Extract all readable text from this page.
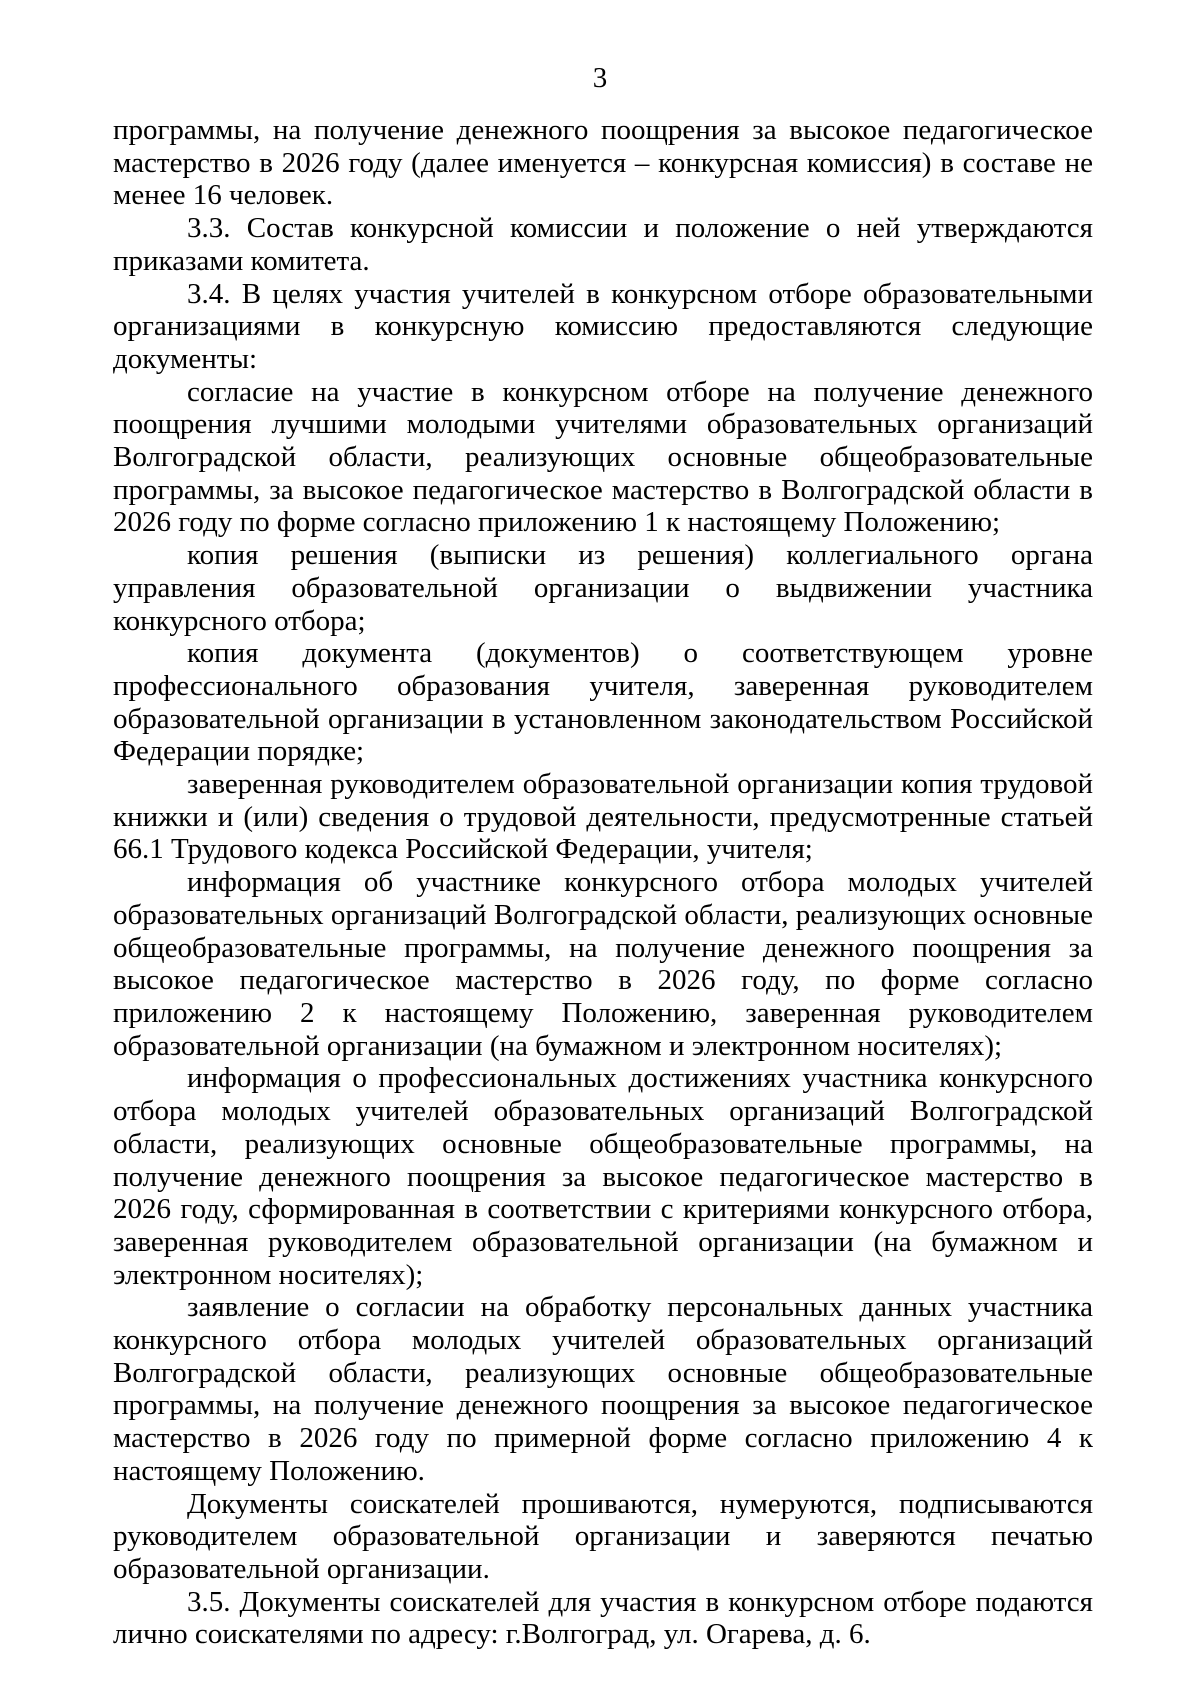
3

программы, на получение денежного поощрения за высокое педагогическое мастерство в 2026 году (далее именуется – конкурсная комиссия) в составе не менее 16 человек.

3.3. Состав конкурсной комиссии и положение о ней утверждаются приказами комитета.

3.4. В целях участия учителей в конкурсном отборе образовательными организациями в конкурсную комиссию предоставляются следующие документы:

согласие на участие в конкурсном отборе на получение денежного поощрения лучшими молодыми учителями образовательных организаций Волгоградской области, реализующих основные общеобразовательные программы, за высокое педагогическое мастерство в Волгоградской области в 2026 году по форме согласно приложению 1 к настоящему Положению;

копия решения (выписки из решения) коллегиального органа управления образовательной организации о выдвижении участника конкурсного отбора;

копия документа (документов) о соответствующем уровне профессионального образования учителя, заверенная руководителем образовательной организации в установленном законодательством Российской Федерации порядке;

заверенная руководителем образовательной организации копия трудовой книжки и (или) сведения о трудовой деятельности, предусмотренные статьей 66.1 Трудового кодекса Российской Федерации, учителя;

информация об участнике конкурсного отбора молодых учителей образовательных организаций Волгоградской области, реализующих основные общеобразовательные программы, на получение денежного поощрения за высокое педагогическое мастерство в 2026 году, по форме согласно приложению 2 к настоящему Положению, заверенная руководителем образовательной организации (на бумажном и электронном носителях);

информация о профессиональных достижениях участника конкурсного отбора молодых учителей образовательных организаций Волгоградской области, реализующих основные общеобразовательные программы, на получение денежного поощрения за высокое педагогическое мастерство в 2026 году, сформированная в соответствии с критериями конкурсного отбора, заверенная руководителем образовательной организации (на бумажном и электронном носителях);

заявление о согласии на обработку персональных данных участника конкурсного отбора молодых учителей образовательных организаций Волгоградской области, реализующих основные общеобразовательные программы, на получение денежного поощрения за высокое педагогическое мастерство в 2026 году по примерной форме согласно приложению 4 к настоящему Положению.

Документы соискателей прошиваются, нумеруются, подписываются руководителем образовательной организации и заверяются печатью образовательной организации.

3.5. Документы соискателей для участия в конкурсном отборе подаются лично соискателями по адресу: г.Волгоград, ул. Огарева, д. 6.
